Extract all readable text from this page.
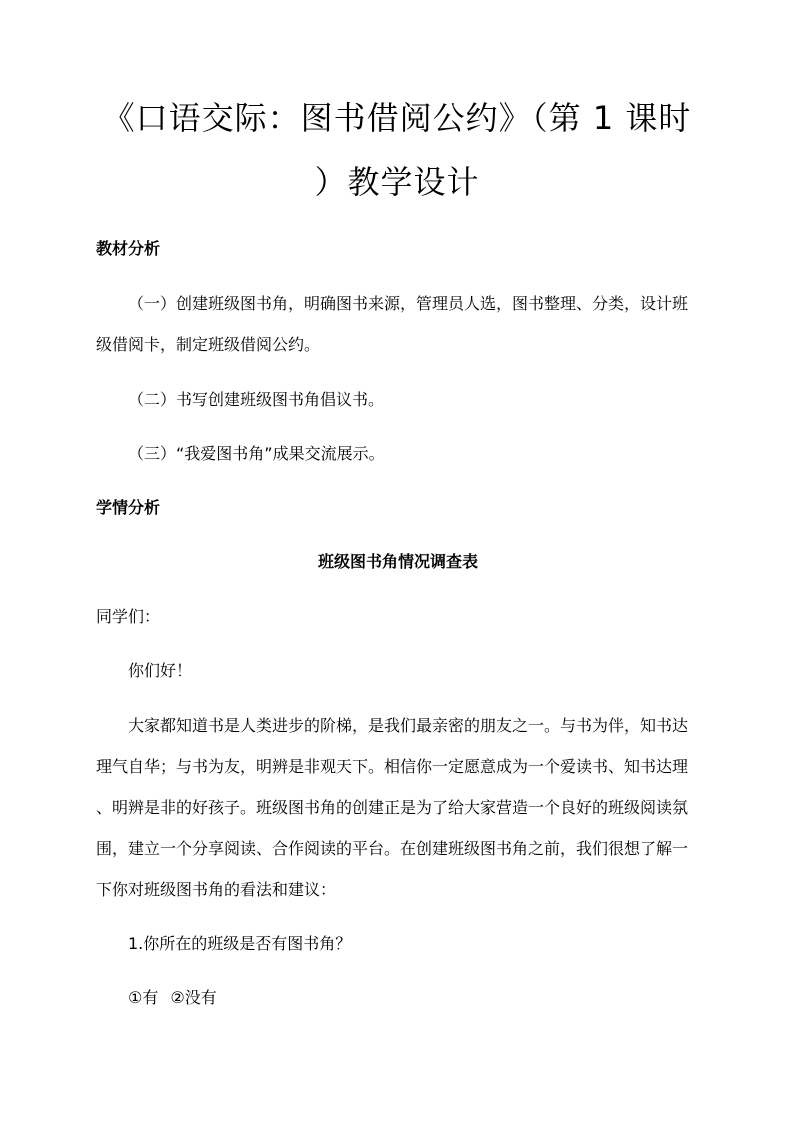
《口语交际：图书借阅公约》（第 1 课时
）教学设计
教材分析
（一）创建班级图书角，明确图书来源，管理员人选，图书整理、分类，设计班
级借阅卡，制定班级借阅公约。
（二）书写创建班级图书角倡议书。
（三）“我爱图书角”成果交流展示。
学情分析
班级图书角情况调查表
同学们：
你们好！
大家都知道书是人类进步的阶梯，是我们最亲密的朋友之一。与书为伴，知书达
理气自华；与书为友，明辨是非观天下。相信你一定愿意成为一个爱读书、知书达理
、明辨是非的好孩子。班级图书角的创建正是为了给大家营造一个良好的班级阅读氛
围，建立一个分享阅读、合作阅读的平台。在创建班级图书角之前，我们很想了解一
下你对班级图书角的看法和建议：
1.你所在的班级是否有图书角？
①有 ②没有
